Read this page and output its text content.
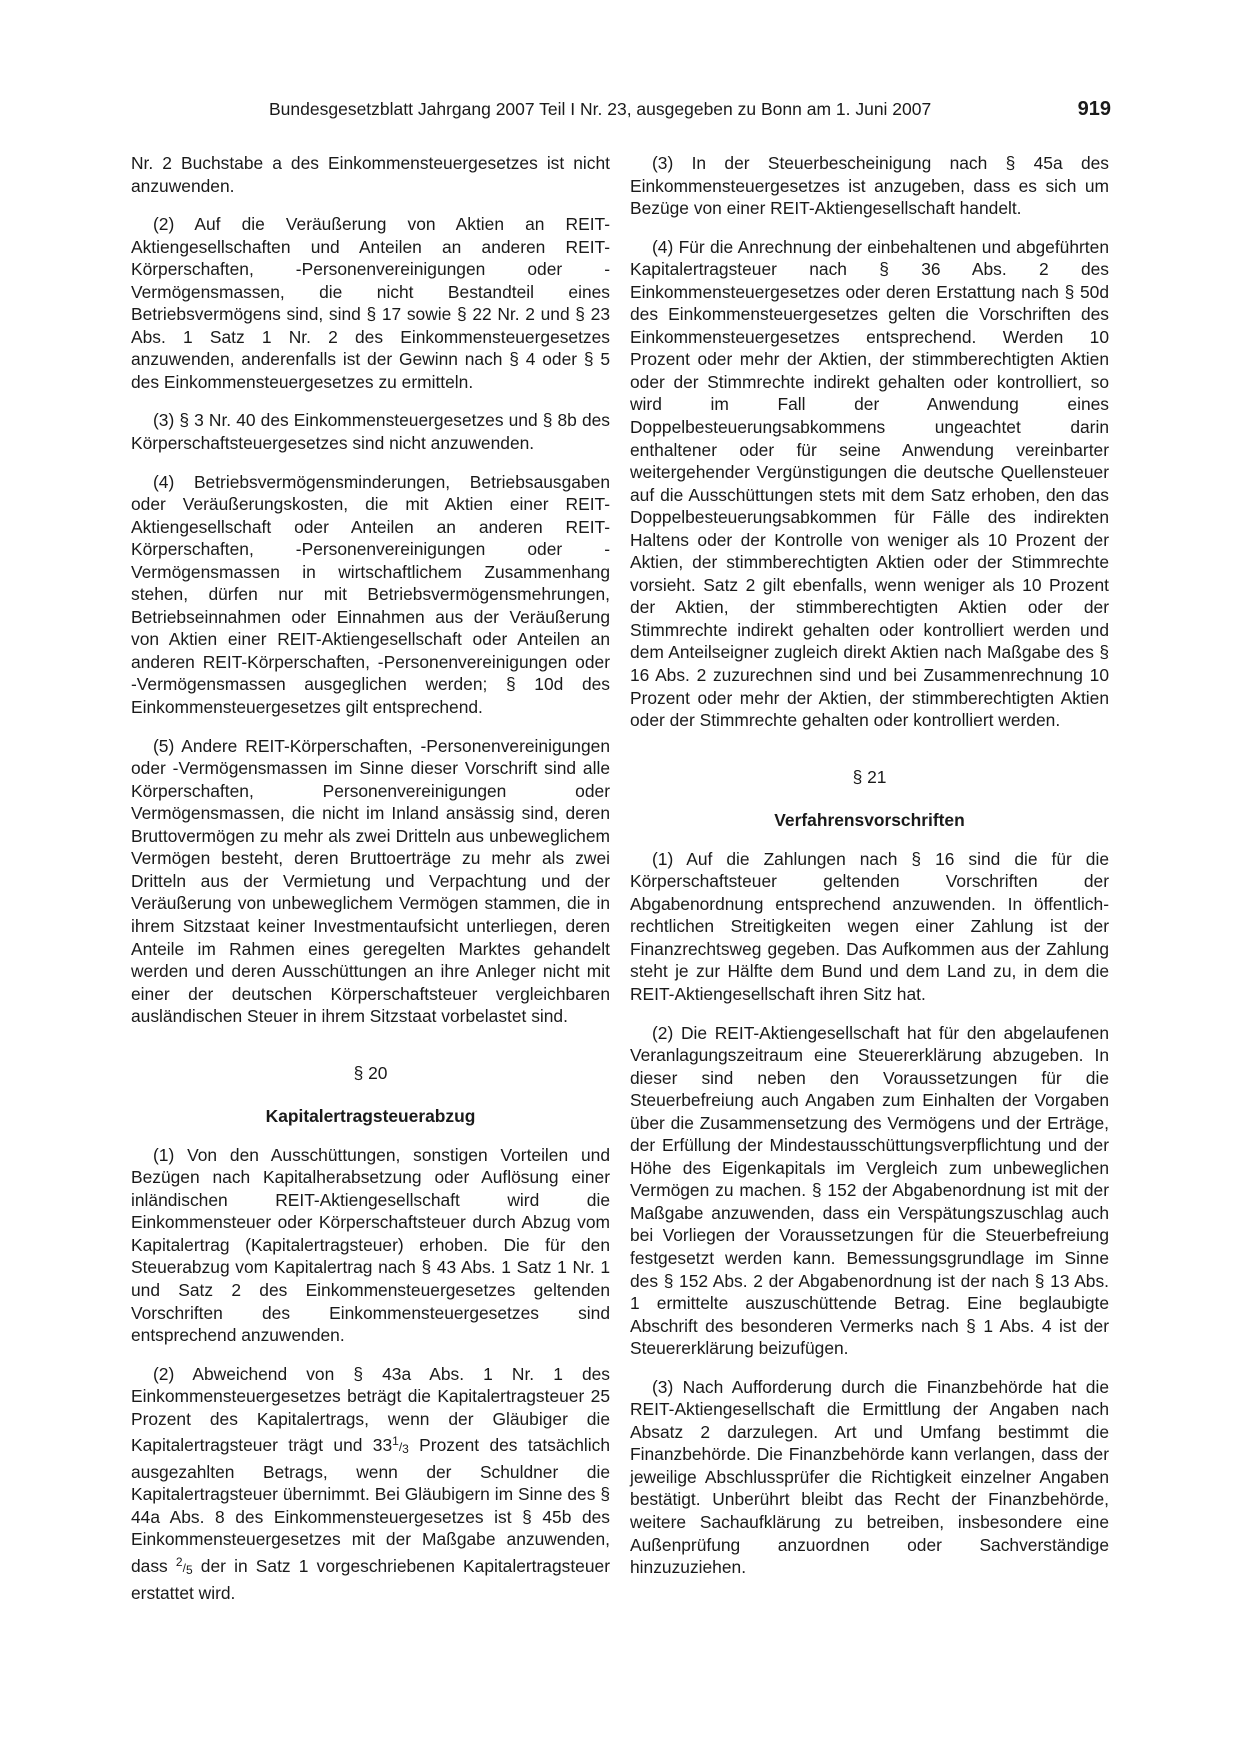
Bundesgesetzblatt Jahrgang 2007 Teil I Nr. 23, ausgegeben zu Bonn am 1. Juni 2007	919

Nr. 2 Buchstabe a des Einkommensteuergesetzes ist nicht anzuwenden.

(2) Auf die Veräußerung von Aktien an REIT-Aktiengesellschaften und Anteilen an anderen REIT-Körperschaften, -Personenvereinigungen oder -Vermögensmassen, die nicht Bestandteil eines Betriebsvermögens sind, sind § 17 sowie § 22 Nr. 2 und § 23 Abs. 1 Satz 1 Nr. 2 des Einkommensteuergesetzes anzuwenden, anderenfalls ist der Gewinn nach § 4 oder § 5 des Einkommensteuergesetzes zu ermitteln.

(3) § 3 Nr. 40 des Einkommensteuergesetzes und § 8b des Körperschaftsteuergesetzes sind nicht anzuwenden.

(4) Betriebsvermögensminderungen, Betriebsausgaben oder Veräußerungskosten, die mit Aktien einer REIT-Aktiengesellschaft oder Anteilen an anderen REIT-Körperschaften, -Personenvereinigungen oder -Vermögensmassen in wirtschaftlichem Zusammenhang stehen, dürfen nur mit Betriebsvermögensmehrungen, Betriebseinnahmen oder Einnahmen aus der Veräußerung von Aktien einer REIT-Aktiengesellschaft oder Anteilen an anderen REIT-Körperschaften, -Personenvereinigungen oder -Vermögensmassen ausgeglichen werden; § 10d des Einkommensteuergesetzes gilt entsprechend.

(5) Andere REIT-Körperschaften, -Personenvereinigungen oder -Vermögensmassen im Sinne dieser Vorschrift sind alle Körperschaften, Personenvereinigungen oder Vermögensmassen, die nicht im Inland ansässig sind, deren Bruttovermögen zu mehr als zwei Dritteln aus unbeweglichem Vermögen besteht, deren Bruttoerträge zu mehr als zwei Dritteln aus der Vermietung und Verpachtung und der Veräußerung von unbeweglichem Vermögen stammen, die in ihrem Sitzstaat keiner Investmentaufsicht unterliegen, deren Anteile im Rahmen eines geregelten Marktes gehandelt werden und deren Ausschüttungen an ihre Anleger nicht mit einer der deutschen Körperschaftsteuer vergleichbaren ausländischen Steuer in ihrem Sitzstaat vorbelastet sind.

§ 20

Kapitalertragsteuerabzug

(1) Von den Ausschüttungen, sonstigen Vorteilen und Bezügen nach Kapitalherabsetzung oder Auflösung einer inländischen REIT-Aktiengesellschaft wird die Einkommensteuer oder Körperschaftsteuer durch Abzug vom Kapitalertrag (Kapitalertragsteuer) erhoben. Die für den Steuerabzug vom Kapitalertrag nach § 43 Abs. 1 Satz 1 Nr. 1 und Satz 2 des Einkommensteuergesetzes geltenden Vorschriften des Einkommensteuergesetzes sind entsprechend anzuwenden.

(2) Abweichend von § 43a Abs. 1 Nr. 1 des Einkommensteuergesetzes beträgt die Kapitalertragsteuer 25 Prozent des Kapitalertrags, wenn der Gläubiger die Kapitalertragsteuer trägt und 331/3 Prozent des tatsächlich ausgezahlten Betrags, wenn der Schuldner die Kapitalertragsteuer übernimmt. Bei Gläubigern im Sinne des § 44a Abs. 8 des Einkommensteuergesetzes ist § 45b des Einkommensteuergesetzes mit der Maßgabe anzuwenden, dass 2/5 der in Satz 1 vorgeschriebenen Kapitalertragsteuer erstattet wird.

(3) In der Steuerbescheinigung nach § 45a des Einkommensteuergesetzes ist anzugeben, dass es sich um Bezüge von einer REIT-Aktiengesellschaft handelt.

(4) Für die Anrechnung der einbehaltenen und abgeführten Kapitalertragsteuer nach § 36 Abs. 2 des Einkommensteuergesetzes oder deren Erstattung nach § 50d des Einkommensteuergesetzes gelten die Vorschriften des Einkommensteuergesetzes entsprechend. Werden 10 Prozent oder mehr der Aktien, der stimmberechtigten Aktien oder der Stimmrechte indirekt gehalten oder kontrolliert, so wird im Fall der Anwendung eines Doppelbesteuerungsabkommens ungeachtet darin enthaltener oder für seine Anwendung vereinbarter weitergehender Vergünstigungen die deutsche Quellensteuer auf die Ausschüttungen stets mit dem Satz erhoben, den das Doppelbesteuerungsabkommen für Fälle des indirekten Haltens oder der Kontrolle von weniger als 10 Prozent der Aktien, der stimmberechtigten Aktien oder der Stimmrechte vorsieht. Satz 2 gilt ebenfalls, wenn weniger als 10 Prozent der Aktien, der stimmberechtigten Aktien oder der Stimmrechte indirekt gehalten oder kontrolliert werden und dem Anteilseigner zugleich direkt Aktien nach Maßgabe des § 16 Abs. 2 zuzurechnen sind und bei Zusammenrechnung 10 Prozent oder mehr der Aktien, der stimmberechtigten Aktien oder der Stimmrechte gehalten oder kontrolliert werden.

§ 21

Verfahrensvorschriften

(1) Auf die Zahlungen nach § 16 sind die für die Körperschaftsteuer geltenden Vorschriften der Abgabenordnung entsprechend anzuwenden. In öffentlich-rechtlichen Streitigkeiten wegen einer Zahlung ist der Finanzrechtsweg gegeben. Das Aufkommen aus der Zahlung steht je zur Hälfte dem Bund und dem Land zu, in dem die REIT-Aktiengesellschaft ihren Sitz hat.

(2) Die REIT-Aktiengesellschaft hat für den abgelaufenen Veranlagungszeitraum eine Steuererklärung abzugeben. In dieser sind neben den Voraussetzungen für die Steuerbefreiung auch Angaben zum Einhalten der Vorgaben über die Zusammensetzung des Vermögens und der Erträge, der Erfüllung der Mindestausschüttungsverpflichtung und der Höhe des Eigenkapitals im Vergleich zum unbeweglichen Vermögen zu machen. § 152 der Abgabenordnung ist mit der Maßgabe anzuwenden, dass ein Verspätungszuschlag auch bei Vorliegen der Voraussetzungen für die Steuerbefreiung festgesetzt werden kann. Bemessungsgrundlage im Sinne des § 152 Abs. 2 der Abgabenordnung ist der nach § 13 Abs. 1 ermittelte auszuschüttende Betrag. Eine beglaubigte Abschrift des besonderen Vermerks nach § 1 Abs. 4 ist der Steuererklärung beizufügen.

(3) Nach Aufforderung durch die Finanzbehörde hat die REIT-Aktiengesellschaft die Ermittlung der Angaben nach Absatz 2 darzulegen. Art und Umfang bestimmt die Finanzbehörde. Die Finanzbehörde kann verlangen, dass der jeweilige Abschlussprüfer die Richtigkeit einzelner Angaben bestätigt. Unberührt bleibt das Recht der Finanzbehörde, weitere Sachaufklärung zu betreiben, insbesondere eine Außenprüfung anzuordnen oder Sachverständige hinzuzuziehen.
